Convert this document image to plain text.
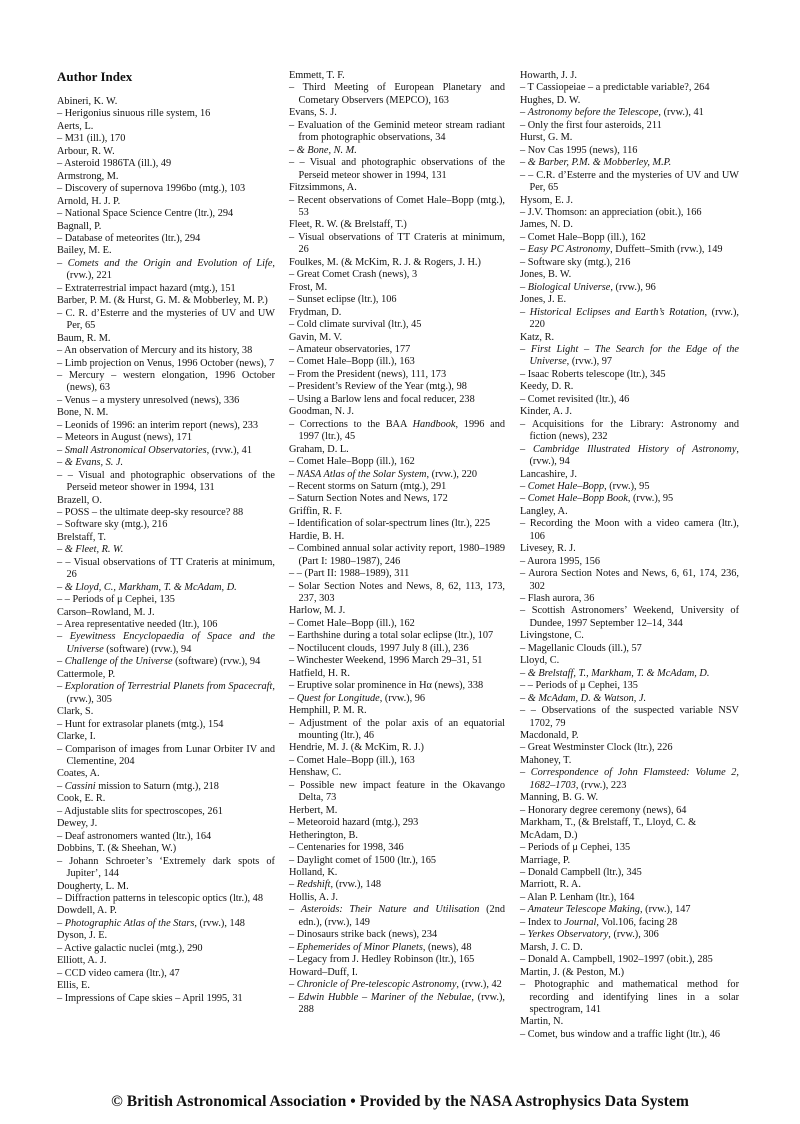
Author Index
Abineri, K. W.
– Herigonius sinuous rille system, 16
Aerts, L.
– M31 (ill.), 170
Arbour, R. W.
– Asteroid 1986TA (ill.), 49
Armstrong, M.
– Discovery of supernova 1996bo (mtg.), 103
Arnold, H. J. P.
– National Space Science Centre (ltr.), 294
Bagnall, P.
– Database of meteorites (ltr.), 294
Bailey, M. E.
– Comets and the Origin and Evolution of Life, (rvw.), 221
– Extraterrestrial impact hazard (mtg.), 151
Barber, P. M. (& Hurst, G. M. & Mobberley, M. P.)
– C. R. d’Esterre and the mysteries of UV and UW Per, 65
Baum, R. M.
– An observation of Mercury and its history, 38
– Limb projection on Venus, 1996 October (news), 7
– Mercury – western elongation, 1996 October (news), 63
– Venus – a mystery unresolved (news), 336
Bone, N. M.
– Leonids of 1996: an interim report (news), 233
– Meteors in August (news), 171
– Small Astronomical Observatories, (rvw.), 41
– & Evans, S. J.
– – Visual and photographic observations of the Perseid meteor shower in 1994, 131
Brazell, O.
– POSS – the ultimate deep-sky resource? 88
– Software sky (mtg.), 216
Brelstaff, T.
– & Fleet, R. W.
– – Visual observations of TT Crateris at minimum, 26
– & Lloyd, C., Markham, T. & McAdam, D.
– – Periods of μ Cephei, 135
Carson–Rowland, M. J.
– Area representative needed (ltr.), 106
– Eyewitness Encyclopaedia of Space and the Universe (software) (rvw.), 94
– Challenge of the Universe (software) (rvw.), 94
Cattermole, P.
– Exploration of Terrestrial Planets from Spacecraft, (rvw.), 305
Clark, S.
– Hunt for extrasolar planets (mtg.), 154
Clarke, I.
– Comparison of images from Lunar Orbiter IV and Clementine, 204
Coates, A.
– Cassini mission to Saturn (mtg.), 218
Cook, E. R.
– Adjustable slits for spectroscopes, 261
Dewey, J.
– Deaf astronomers wanted (ltr.), 164
Dobbins, T. (& Sheehan, W.)
– Johann Schroeter’s ‘Extremely dark spots of Jupiter’, 144
Dougherty, L. M.
– Diffraction patterns in telescopic optics (ltr.), 48
Dowdell, A. P.
– Photographic Atlas of the Stars, (rvw.), 148
Dyson, J. E.
– Active galactic nuclei (mtg.), 290
Elliott, A. J.
– CCD video camera (ltr.), 47
Ellis, E.
– Impressions of Cape skies – April 1995, 31
Emmett, T. F.
– Third Meeting of European Planetary and Cometary Observers (MEPCO), 163
Evans, S. J.
– Evaluation of the Geminid meteor stream radiant from photographic observations, 34
– & Bone, N. M.
– – Visual and photographic observations of the Perseid meteor shower in 1994, 131
Fitzsimmons, A.
– Recent observations of Comet Hale–Bopp (mtg.), 53
Fleet, R. W. (& Brelstaff, T.)
– Visual observations of TT Crateris at minimum, 26
Foulkes, M. (& McKim, R. J. & Rogers, J. H.)
– Great Comet Crash (news), 3
Frost, M.
– Sunset eclipse (ltr.), 106
Frydman, D.
– Cold climate survival (ltr.), 45
Gavin, M. V.
– Amateur observatories, 177
– Comet Hale–Bopp (ill.), 163
– From the President (news), 111, 173
– President’s Review of the Year (mtg.), 98
– Using a Barlow lens and focal reducer, 238
Goodman, N. J.
– Corrections to the BAA Handbook, 1996 and 1997 (ltr.), 45
Graham, D. L.
– Comet Hale–Bopp (ill.), 162
– NASA Atlas of the Solar System, (rvw.), 220
– Recent storms on Saturn (mtg.), 291
– Saturn Section Notes and News, 172
Griffin, R. F.
– Identification of solar-spectrum lines (ltr.), 225
Hardie, B. H.
– Combined annual solar activity report, 1980–1989 (Part I: 1980–1987), 246
– – (Part II: 1988–1989), 311
– Solar Section Notes and News, 8, 62, 113, 173, 237, 303
Harlow, M. J.
– Comet Hale–Bopp (ill.), 162
– Earthshine during a total solar eclipse (ltr.), 107
– Noctilucent clouds, 1997 July 8 (ill.), 236
– Winchester Weekend, 1996 March 29–31, 51
Hatfield, H. R.
– Eruptive solar prominence in Hα (news), 338
– Quest for Longitude, (rvw.), 96
Hemphill, P. M. R.
– Adjustment of the polar axis of an equatorial mounting (ltr.), 46
Hendrie, M. J. (& McKim, R. J.)
– Comet Hale–Bopp (ill.), 163
Henshaw, C.
– Possible new impact feature in the Okavango Delta, 73
Herbert, M.
– Meteoroid hazard (mtg.), 293
Hetherington, B.
– Centenaries for 1998, 346
– Daylight comet of 1500 (ltr.), 165
Holland, K.
– Redshift, (rvw.), 148
Hollis, A. J.
– Asteroids: Their Nature and Utilisation (2nd edn.), (rvw.), 149
– Dinosaurs strike back (news), 234
– Ephemerides of Minor Planets, (news), 48
– Legacy from J. Hedley Robinson (ltr.), 165
Howard–Duff, I.
– Chronicle of Pre-telescopic Astronomy, (rvw.), 42
– Edwin Hubble – Mariner of the Nebulae, (rvw.), 288
Howarth, J. J.
– T Cassiopeiae – a predictable variable?, 264
Hughes, D. W.
– Astronomy before the Telescope, (rvw.), 41
– Only the first four asteroids, 211
Hurst, G. M.
– Nov Cas 1995 (news), 116
– & Barber, P.M. & Mobberley, M.P.
– – C.R. d’Esterre and the mysteries of UV and UW Per, 65
Hysom, E. J.
– J.V. Thomson: an appreciation (obit.), 166
James, N. D.
– Comet Hale–Bopp (ill.), 162
– Easy PC Astronomy, Duffett–Smith (rvw.), 149
– Software sky (mtg.), 216
Jones, B. W.
– Biological Universe, (rvw.), 96
Jones, J. E.
– Historical Eclipses and Earth’s Rotation, (rvw.), 220
Katz, R.
– First Light – The Search for the Edge of the Universe, (rvw.), 97
– Isaac Roberts telescope (ltr.), 345
Keedy, D. R.
– Comet revisited (ltr.), 46
Kinder, A. J.
– Acquisitions for the Library: Astronomy and fiction (news), 232
– Cambridge Illustrated History of Astronomy, (rvw.), 94
Lancashire, J.
– Comet Hale–Bopp, (rvw.), 95
– Comet Hale–Bopp Book, (rvw.), 95
Langley, A.
– Recording the Moon with a video camera (ltr.), 106
Livesey, R. J.
– Aurora 1995, 156
– Aurora Section Notes and News, 6, 61, 174, 236, 302
– Flash aurora, 36
– Scottish Astronomers’ Weekend, University of Dundee, 1997 September 12–14, 344
Livingstone, C.
– Magellanic Clouds (ill.), 57
Lloyd, C.
– & Brelstaff, T., Markham, T. & McAdam, D.
– – Periods of μ Cephei, 135
– & McAdam, D. & Watson, J.
– – Observations of the suspected variable NSV 1702, 79
Macdonald, P.
– Great Westminster Clock (ltr.), 226
Mahoney, T.
– Correspondence of John Flamsteed: Volume 2, 1682–1703, (rvw.), 223
Manning, B. G. W.
– Honorary degree ceremony (news), 64
Markham, T., (& Brelstaff, T., Lloyd, C. & McAdam, D.)
– Periods of μ Cephei, 135
Marriage, P.
– Donald Campbell (ltr.), 345
Marriott, R. A.
– Alan P. Lenham (ltr.), 164
– Amateur Telescope Making, (rvw.), 147
– Index to Journal, Vol.106, facing 28
– Yerkes Observatory, (rvw.), 306
Marsh, J. C. D.
– Donald A. Campbell, 1902–1997 (obit.), 285
Martin, J. (& Peston, M.)
– Photographic and mathematical method for recording and identifying lines in a solar spectrogram, 141
Martin, N.
– Comet, bus window and a traffic light (ltr.), 46
© British Astronomical Association • Provided by the NASA Astrophysics Data System
